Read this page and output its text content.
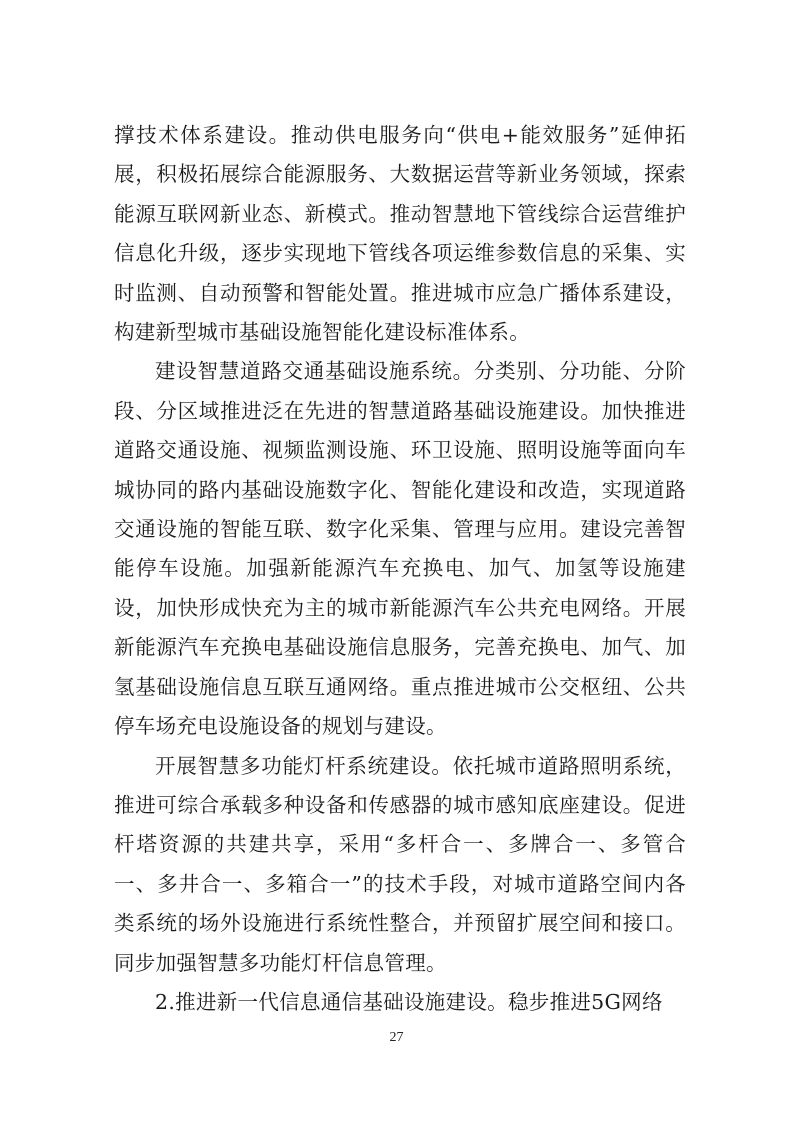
撑技术体系建设。推动供电服务向“供电+能效服务”延伸拓展，积极拓展综合能源服务、大数据运营等新业务领域，探索能源互联网新业态、新模式。推动智慧地下管线综合运营维护信息化升级，逐步实现地下管线各项运维参数信息的采集、实时监测、自动预警和智能处置。推进城市应急广播体系建设，构建新型城市基础设施智能化建设标准体系。

建设智慧道路交通基础设施系统。分类别、分功能、分阶段、分区域推进泛在先进的智慧道路基础设施建设。加快推进道路交通设施、视频监测设施、环卫设施、照明设施等面向车城协同的路内基础设施数字化、智能化建设和改造，实现道路交通设施的智能互联、数字化采集、管理与应用。建设完善智能停车设施。加强新能源汽车充换电、加气、加氢等设施建设，加快形成快充为主的城市新能源汽车公共充电网络。开展新能源汽车充换电基础设施信息服务，完善充换电、加气、加氢基础设施信息互联互通网络。重点推进城市公交枢纽、公共停车场充电设施设备的规划与建设。

开展智慧多功能灯杆系统建设。依托城市道路照明系统，推进可综合承载多种设备和传感器的城市感知底座建设。促进杆塔资源的共建共享，采用“多杆合一、多牌合一、多管合一、多井合一、多箱合一”的技术手段，对城市道路空间内各类系统的场外设施进行系统性整合，并预留扩展空间和接口。同步加强智慧多功能灯杆信息管理。

2.推进新一代信息通信基础设施建设。稳步推进5G网络

27
